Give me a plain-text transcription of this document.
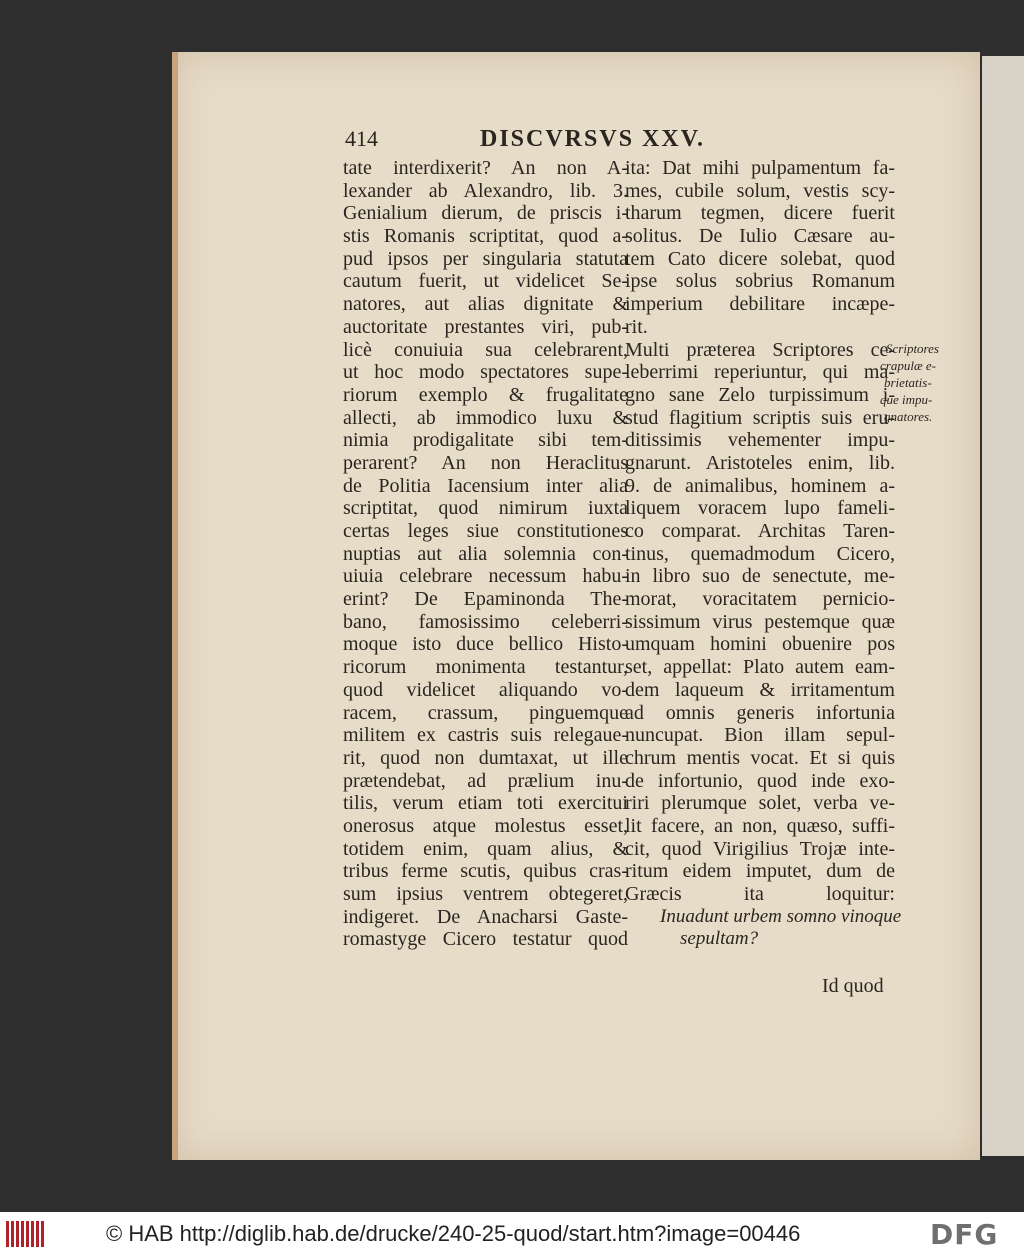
414	DISCVRSVS XXV.
tate interdixerit? An non A-
lexander ab Alexandro, lib. 3.
Genialium dierum, de priscis i-
stis Romanis scriptitat, quod a-
pud ipsos per singularia statuta
cautum fuerit, ut videlicet Se-
natores, aut alias dignitate &
auctoritate prestantes viri, pub-
licè conuiuia sua celebrarent,
ut hoc modo spectatores supe-
riorum exemplo & frugalitate
allecti, ab immodico luxu &
nimia prodigalitate sibi tem-
perarent? An non Heraclitus
de Politia Iacensium inter alia
scriptitat, quod nimirum iuxta
certas leges siue constitutiones
nuptias aut alia solemnia con-
uiuia celebrare necessum habu-
erint? De Epaminonda The-
bano, famosissimo celeberri-
moque isto duce bellico Histo-
ricorum monimenta testantur,
quod videlicet aliquando vo-
racem, crassum, pinguemque
militem ex castris suis relegaue-
rit, quod non dumtaxat, ut ille
prætendebat, ad prælium inu-
tilis, verum etiam toti exercitui
onerosus atque molestus esset,
totidem enim, quam alius, &
tribus ferme scutis, quibus cras-
sum ipsius ventrem obtegeret,
indigeret. De Anacharsi Gaste-
romastyge Cicero testatur quod
ita: Dat mihi pulpamentum fa-
mes, cubile solum, vestis scy-
tharum tegmen, dicere fuerit
solitus. De Iulio Cæsare au-
tem Cato dicere solebat, quod
ipse solus sobrius Romanum
imperium debilitare incæpe-
rit.
Multi præterea Scriptores ce-
leberrimi reperiuntur, qui ma-
gno sane Zelo turpissimum i-
stud flagitium scriptis suis eru-
ditissimis vehementer impu-
gnarunt. Aristoteles enim, lib.
9. de animalibus, hominem a-
liquem voracem lupo fameli-
co comparat. Architas Taren-
tinus, quemadmodum Cicero,
in libro suo de senectute, me-
morat, voracitatem pernicio-
sissimum virus pestemque quæ
umquam homini obuenire pos
set, appellat: Plato autem eam-
dem laqueum & irritamentum
ad omnis generis infortunia
nuncupat. Bion illam sepul-
chrum mentis vocat. Et si quis
de infortunio, quod inde exo-
riri plerumque solet, verba ve-
lit facere, an non, quæso, suffi-
cit, quod Virigilius Trojæ inte-
ritum eidem imputet, dum de
Græcis ita loquitur:
Inuadunt urbem somno vinoque
sepultam?
Scriptores
crapulæ e-
brietatis-
que impu-
gnatores.
Id quod
© HAB http://diglib.hab.de/drucke/240-25-quod/start.htm?image=00446	DFG
